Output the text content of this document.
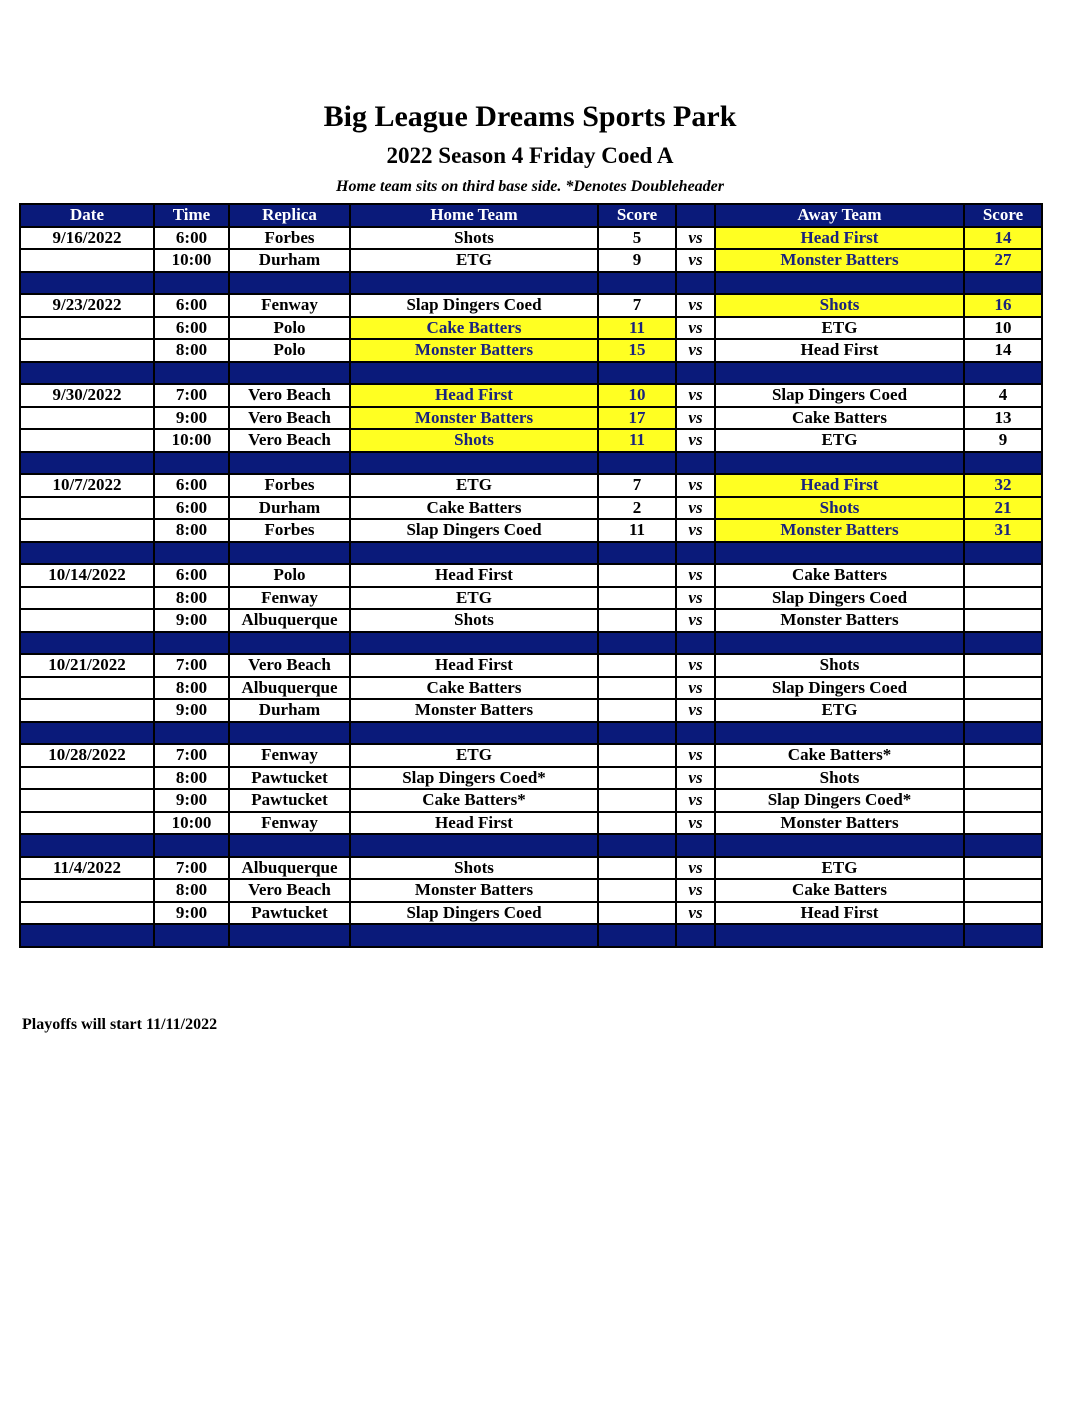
Big League Dreams Sports Park
2022 Season 4 Friday Coed A
Home team sits on third base side. *Denotes Doubleheader
Date	Time	Replica	Home Team	Score		Away Team	Score
9/16/2022	6:00	Forbes	Shots	5	vs	Head First	14
	10:00	Durham	ETG	9	vs	Monster Batters	27

9/23/2022	6:00	Fenway	Slap Dingers Coed	7	vs	Shots	16
	6:00	Polo	Cake Batters	11	vs	ETG	10
	8:00	Polo	Monster Batters	15	vs	Head First	14

9/30/2022	7:00	Vero Beach	Head First	10	vs	Slap Dingers Coed	4
	9:00	Vero Beach	Monster Batters	17	vs	Cake Batters	13
	10:00	Vero Beach	Shots	11	vs	ETG	9

10/7/2022	6:00	Forbes	ETG	7	vs	Head First	32
	6:00	Durham	Cake Batters	2	vs	Shots	21
	8:00	Forbes	Slap Dingers Coed	11	vs	Monster Batters	31

10/14/2022	6:00	Polo	Head First		vs	Cake Batters	
	8:00	Fenway	ETG		vs	Slap Dingers Coed	
	9:00	Albuquerque	Shots		vs	Monster Batters	

10/21/2022	7:00	Vero Beach	Head First		vs	Shots	
	8:00	Albuquerque	Cake Batters		vs	Slap Dingers Coed	
	9:00	Durham	Monster Batters		vs	ETG	

10/28/2022	7:00	Fenway	ETG		vs	Cake Batters*	
	8:00	Pawtucket	Slap Dingers Coed*		vs	Shots	
	9:00	Pawtucket	Cake Batters*		vs	Slap Dingers Coed*	
	10:00	Fenway	Head First		vs	Monster Batters	

11/4/2022	7:00	Albuquerque	Shots		vs	ETG	
	8:00	Vero Beach	Monster Batters		vs	Cake Batters	
	9:00	Pawtucket	Slap Dingers Coed		vs	Head First	

Playoffs will start 11/11/2022
